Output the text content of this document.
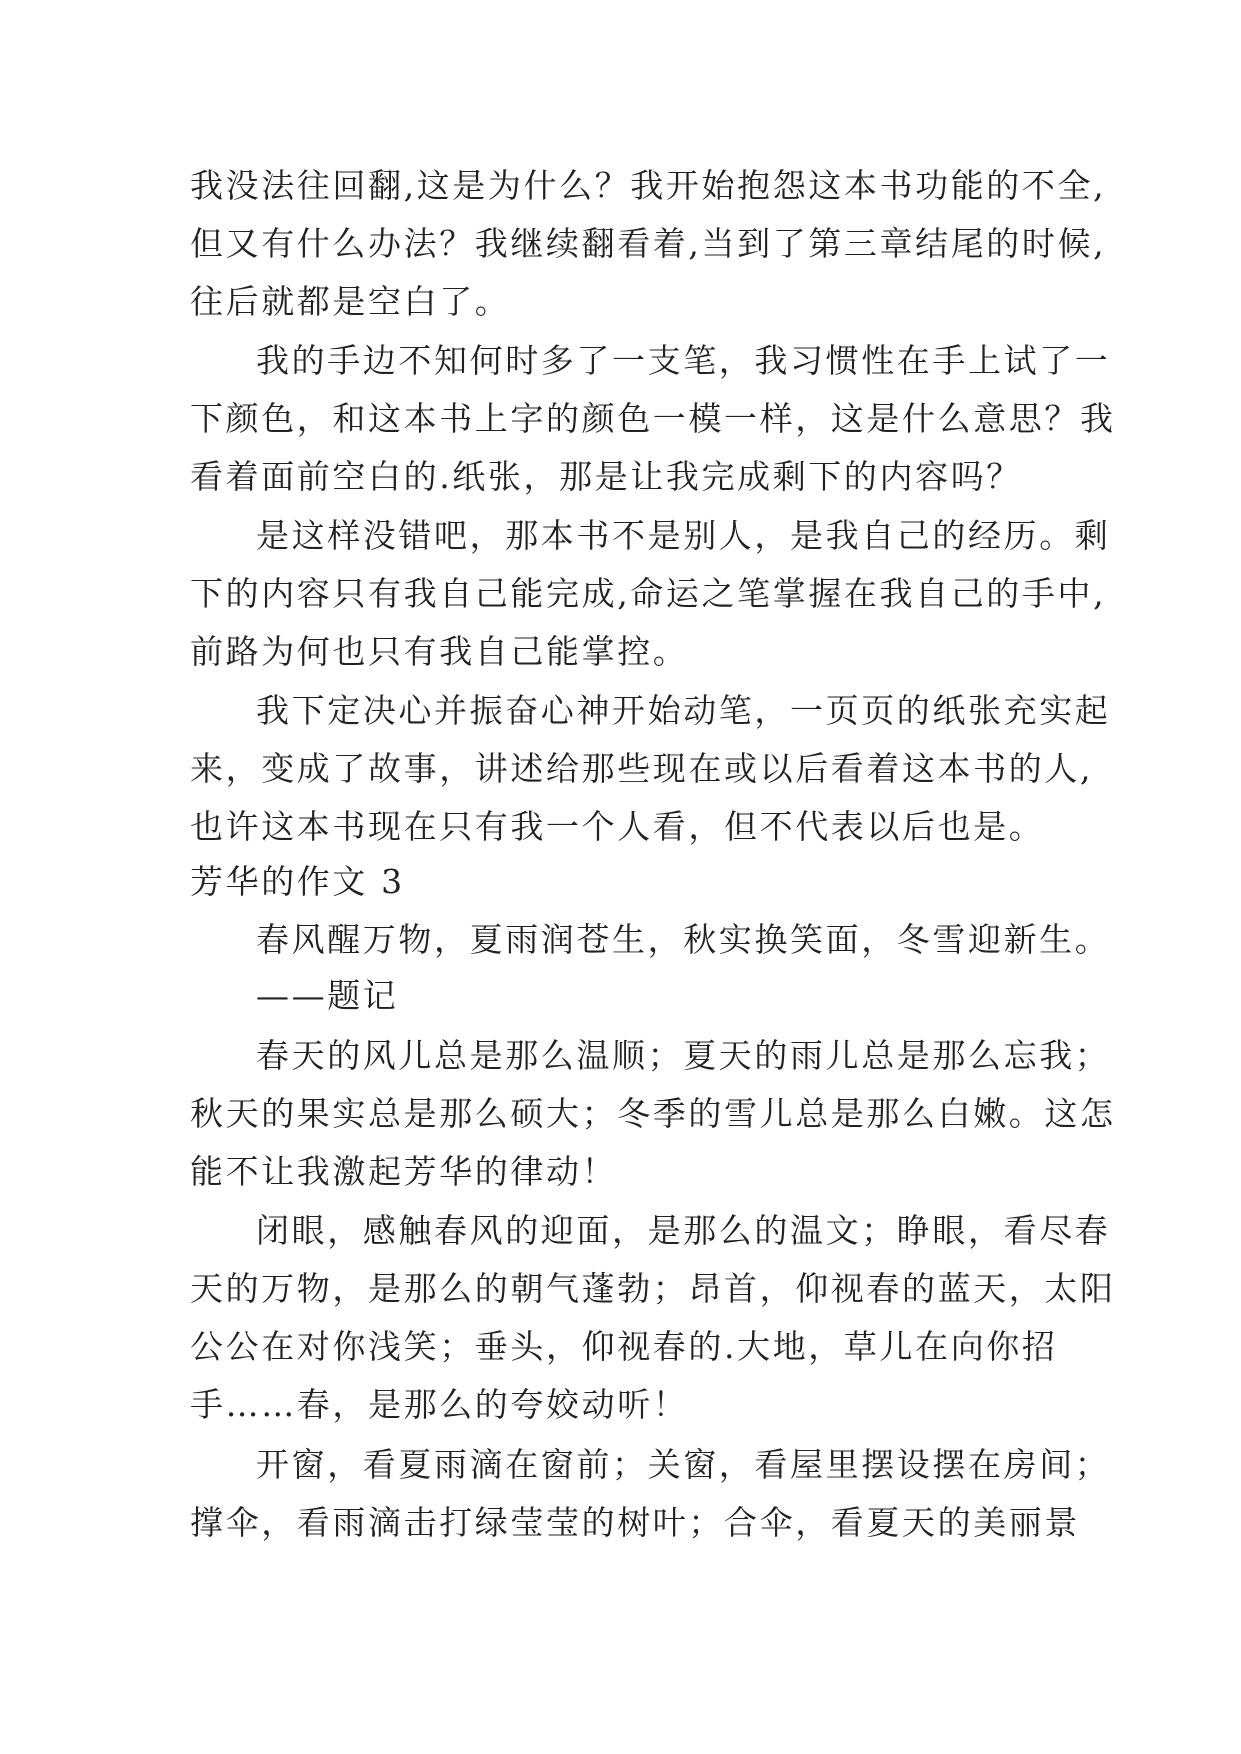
我没法往回翻,这是为什么？我开始抱怨这本书功能的不全,
但又有什么办法？我继续翻看着,当到了第三章结尾的时候,
往后就都是空白了。
我的手边不知何时多了一支笔，我习惯性在手上试了一
下颜色，和这本书上字的颜色一模一样，这是什么意思？我
看着面前空白的.纸张，那是让我完成剩下的内容吗？
是这样没错吧，那本书不是别人，是我自己的经历。剩
下的内容只有我自己能完成,命运之笔掌握在我自己的手中,
前路为何也只有我自己能掌控。
我下定决心并振奋心神开始动笔，一页页的纸张充实起
来，变成了故事，讲述给那些现在或以后看着这本书的人,
也许这本书现在只有我一个人看，但不代表以后也是。
芳华的作文 3
春风醒万物，夏雨润苍生，秋实换笑面，冬雪迎新生。
——题记
春天的风儿总是那么温顺；夏天的雨儿总是那么忘我；
秋天的果实总是那么硕大；冬季的雪儿总是那么白嫩。这怎
能不让我激起芳华的律动！
闭眼，感触春风的迎面，是那么的温文；睁眼，看尽春
天的万物，是那么的朝气蓬勃；昂首，仰视春的蓝天，太阳
公公在对你浅笑；垂头，仰视春的.大地，草儿在向你招
手……春，是那么的夸姣动听！
开窗，看夏雨滴在窗前；关窗，看屋里摆设摆在房间；
撑伞，看雨滴击打绿莹莹的树叶；合伞，看夏天的美丽景
